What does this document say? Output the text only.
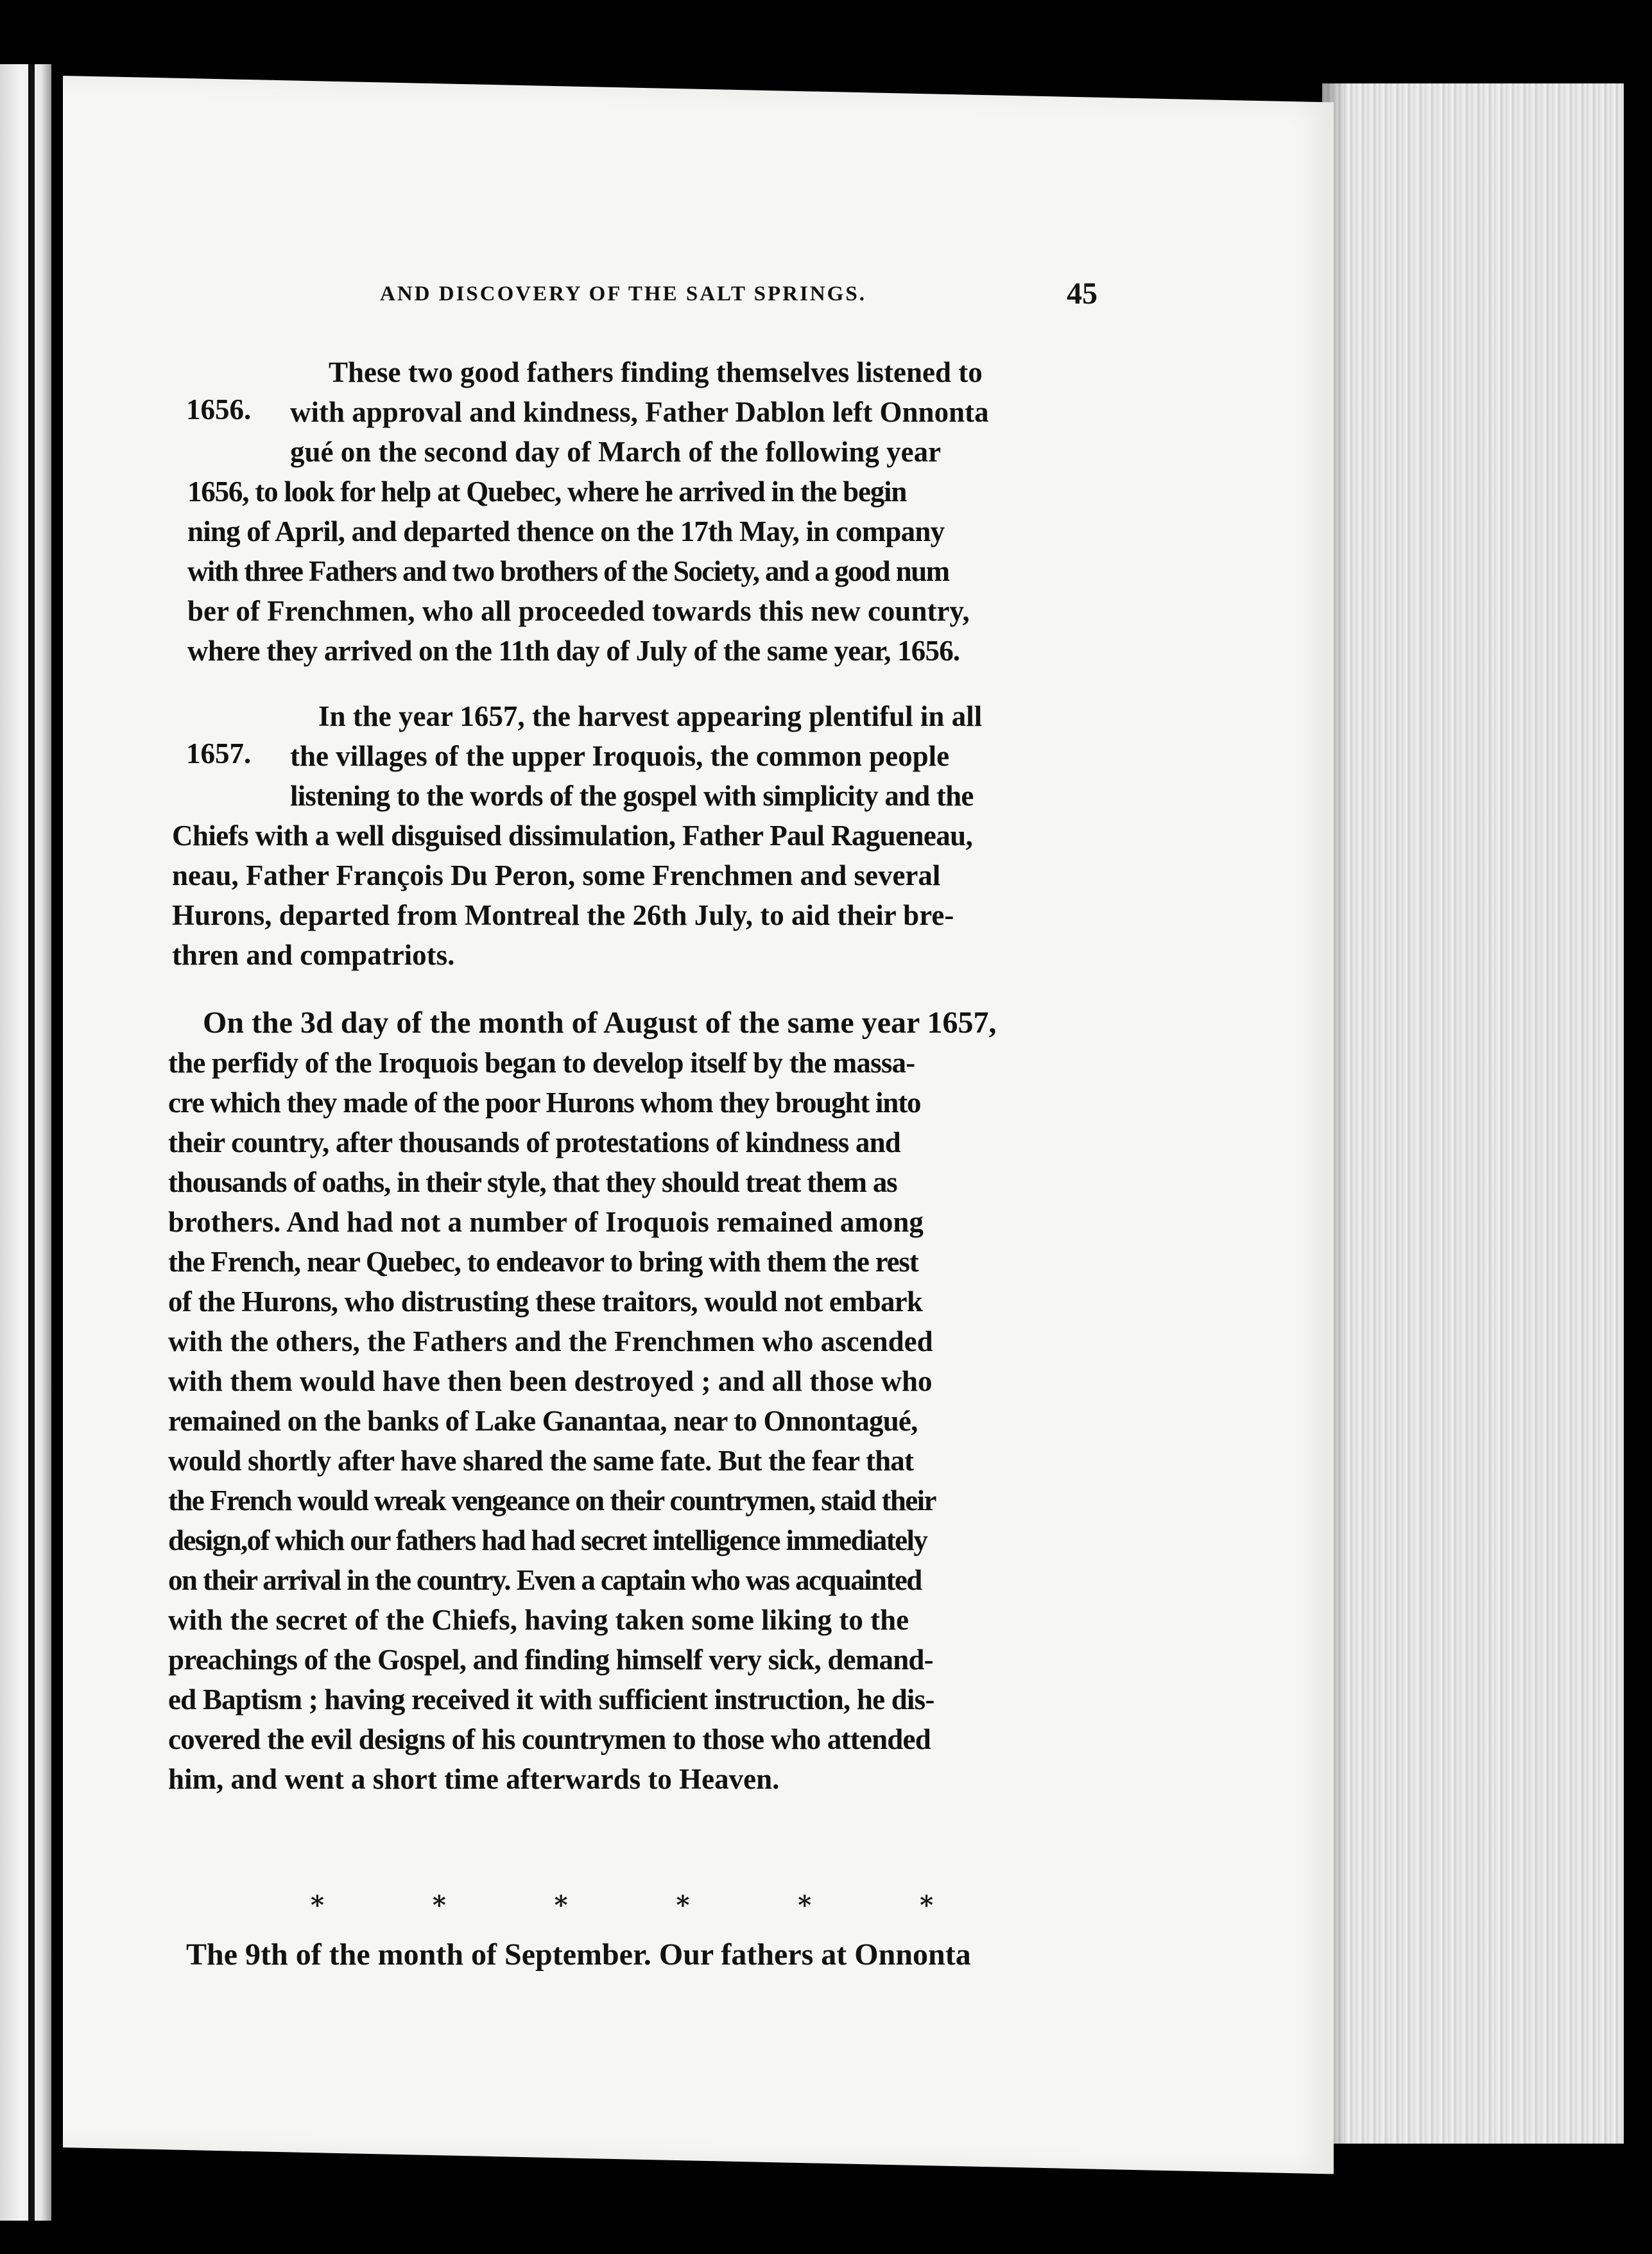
AND DISCOVERY OF THE SALT SPRINGS.	45
1656.
1657.
These two good fathers finding themselves listened to
with approval and kindness, Father Dablon left Onnonta
gué on the second day of March of the following year
1656, to look for help at Quebec, where he arrived in the begin
ning of April, and departed thence on the 17th May, in company
with three Fathers and two brothers of the Society, and a good num
ber of Frenchmen, who all proceeded towards this new country,
where they arrived on the 11th day of July of the same year, 1656.
In the year 1657, the harvest appearing plentiful in all
the villages of the upper Iroquois, the common people
listening to the words of the gospel with simplicity and the
Chiefs with a well disguised dissimulation, Father Paul Ragueneau,
neau, Father François Du Peron, some Frenchmen and several
Hurons, departed from Montreal the 26th July, to aid their bre-
thren and compatriots.
On the 3d day of the month of August of the same year 1657,
the perfidy of the Iroquois began to develop itself by the massa-
cre which they made of the poor Hurons whom they brought into
their country, after thousands of protestations of kindness and
thousands of oaths, in their style, that they should treat them as
brothers. And had not a number of Iroquois remained among
the French, near Quebec, to endeavor to bring with them the rest
of the Hurons, who distrusting these traitors, would not embark
with the others, the Fathers and the Frenchmen who ascended
with them would have then been destroyed ; and all those who
remained on the banks of Lake Ganantaa, near to Onnontagué,
would shortly after have shared the same fate. But the fear that
the French would wreak vengeance on their countrymen, staid their
design,of which our fathers had had secret intelligence immediately
on their arrival in the country. Even a captain who was acquainted
with the secret of the Chiefs, having taken some liking to the
preachings of the Gospel, and finding himself very sick, demand-
ed Baptism ; having received it with sufficient instruction, he dis-
covered the evil designs of his countrymen to those who attended
him, and went a short time afterwards to Heaven.
*	*	*	*	*	*
The 9th of the month of September. Our fathers at Onnonta
